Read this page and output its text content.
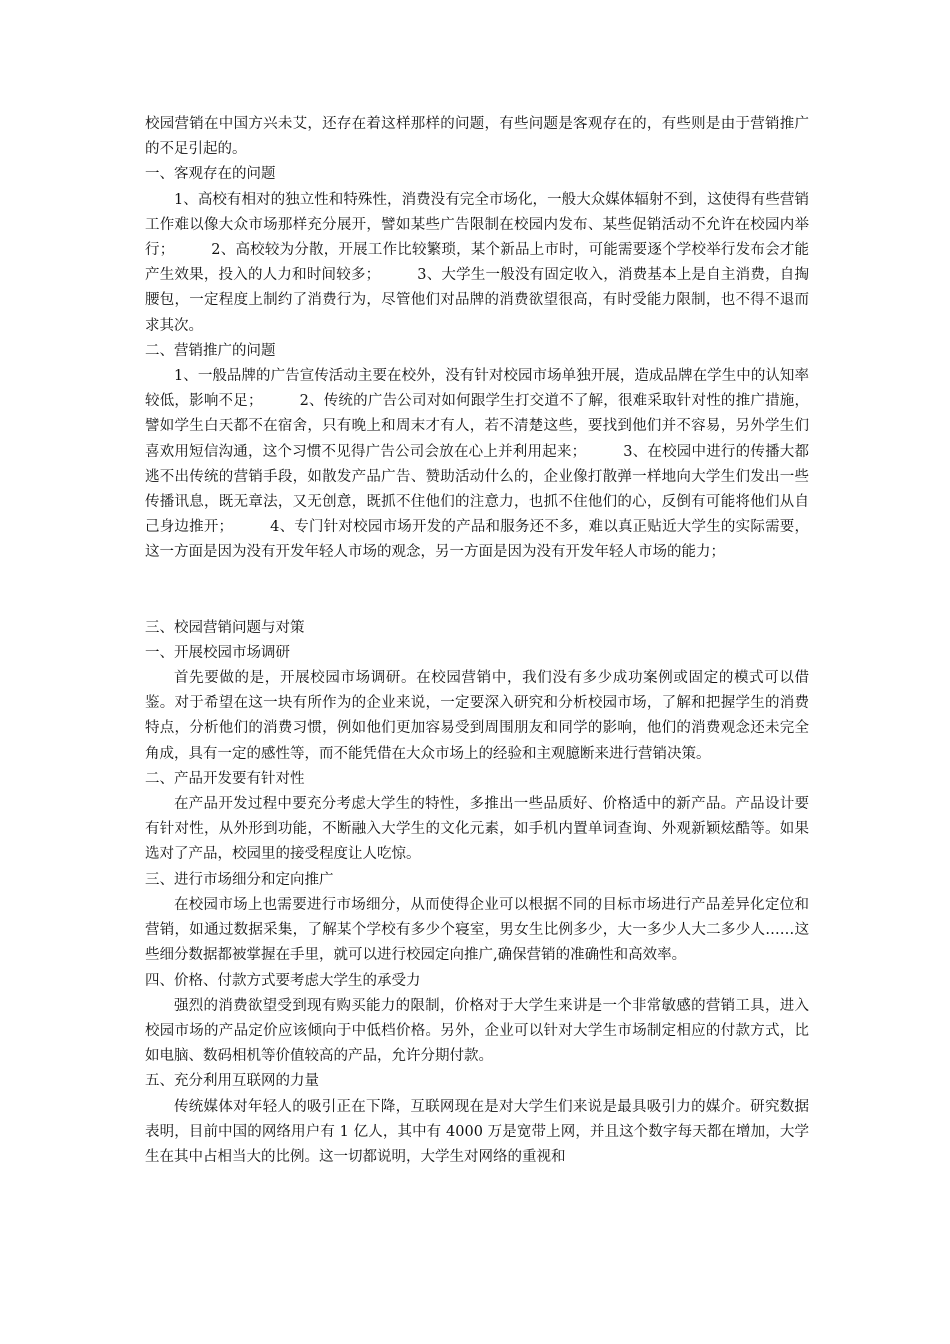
校园营销在中国方兴未艾，还存在着这样那样的问题，有些问题是客观存在的，有些则是由于营销推广的不足引起的。

一、客观存在的问题

1、高校有相对的独立性和特殊性，消费没有完全市场化，一般大众媒体辐射不到，这使得有些营销工作难以像大众市场那样充分展开，譬如某些广告限制在校园内发布、某些促销活动不允许在校园内举行；　　　2、高校较为分散，开展工作比较繁琐，某个新品上市时，可能需要逐个学校举行发布会才能产生效果，投入的人力和时间较多；　　　3、大学生一般没有固定收入，消费基本上是自主消费，自掏腰包，一定程度上制约了消费行为，尽管他们对品牌的消费欲望很高，有时受能力限制，也不得不退而求其次。

二、营销推广的问题

1、一般品牌的广告宣传活动主要在校外，没有针对校园市场单独开展，造成品牌在学生中的认知率较低，影响不足；　　　2、传统的广告公司对如何跟学生打交道不了解，很难采取针对性的推广措施，譬如学生白天都不在宿舍，只有晚上和周末才有人，若不清楚这些，要找到他们并不容易，另外学生们喜欢用短信沟通，这个习惯不见得广告公司会放在心上并利用起来；　　　3、在校园中进行的传播大都逃不出传统的营销手段，如散发产品广告、赞助活动什么的，企业像打散弹一样地向大学生们发出一些传播讯息，既无章法，又无创意，既抓不住他们的注意力，也抓不住他们的心，反倒有可能将他们从自己身边推开；　　　4、专门针对校园市场开发的产品和服务还不多，难以真正贴近大学生的实际需要，这一方面是因为没有开发年轻人市场的观念，另一方面是因为没有开发年轻人市场的能力；

三、校园营销问题与对策

一、开展校园市场调研

首先要做的是，开展校园市场调研。在校园营销中，我们没有多少成功案例或固定的模式可以借鉴。对于希望在这一块有所作为的企业来说，一定要深入研究和分析校园市场，了解和把握学生的消费特点，分析他们的消费习惯，例如他们更加容易受到周围朋友和同学的影响，他们的消费观念还未完全角成，具有一定的感性等，而不能凭借在大众市场上的经验和主观臆断来进行营销决策。

二、产品开发要有针对性

在产品开发过程中要充分考虑大学生的特性，多推出一些品质好、价格适中的新产品。产品设计要有针对性，从外形到功能，不断融入大学生的文化元素，如手机内置单词查询、外观新颖炫酷等。如果选对了产品，校园里的接受程度让人吃惊。

三、进行市场细分和定向推广

在校园市场上也需要进行市场细分，从而使得企业可以根据不同的目标市场进行产品差异化定位和营销，如通过数据采集，了解某个学校有多少个寝室，男女生比例多少，大一多少人大二多少人……这些细分数据都被掌握在手里，就可以进行校园定向推广,确保营销的准确性和高效率。

四、价格、付款方式要考虑大学生的承受力

强烈的消费欲望受到现有购买能力的限制，价格对于大学生来讲是一个非常敏感的营销工具，进入校园市场的产品定价应该倾向于中低档价格。另外，企业可以针对大学生市场制定相应的付款方式，比如电脑、数码相机等价值较高的产品，允许分期付款。

五、充分利用互联网的力量

传统媒体对年轻人的吸引正在下降，互联网现在是对大学生们来说是最具吸引力的媒介。研究数据表明，目前中国的网络用户有 1 亿人，其中有 4000 万是宽带上网，并且这个数字每天都在增加，大学生在其中占相当大的比例。这一切都说明，大学生对网络的重视和
